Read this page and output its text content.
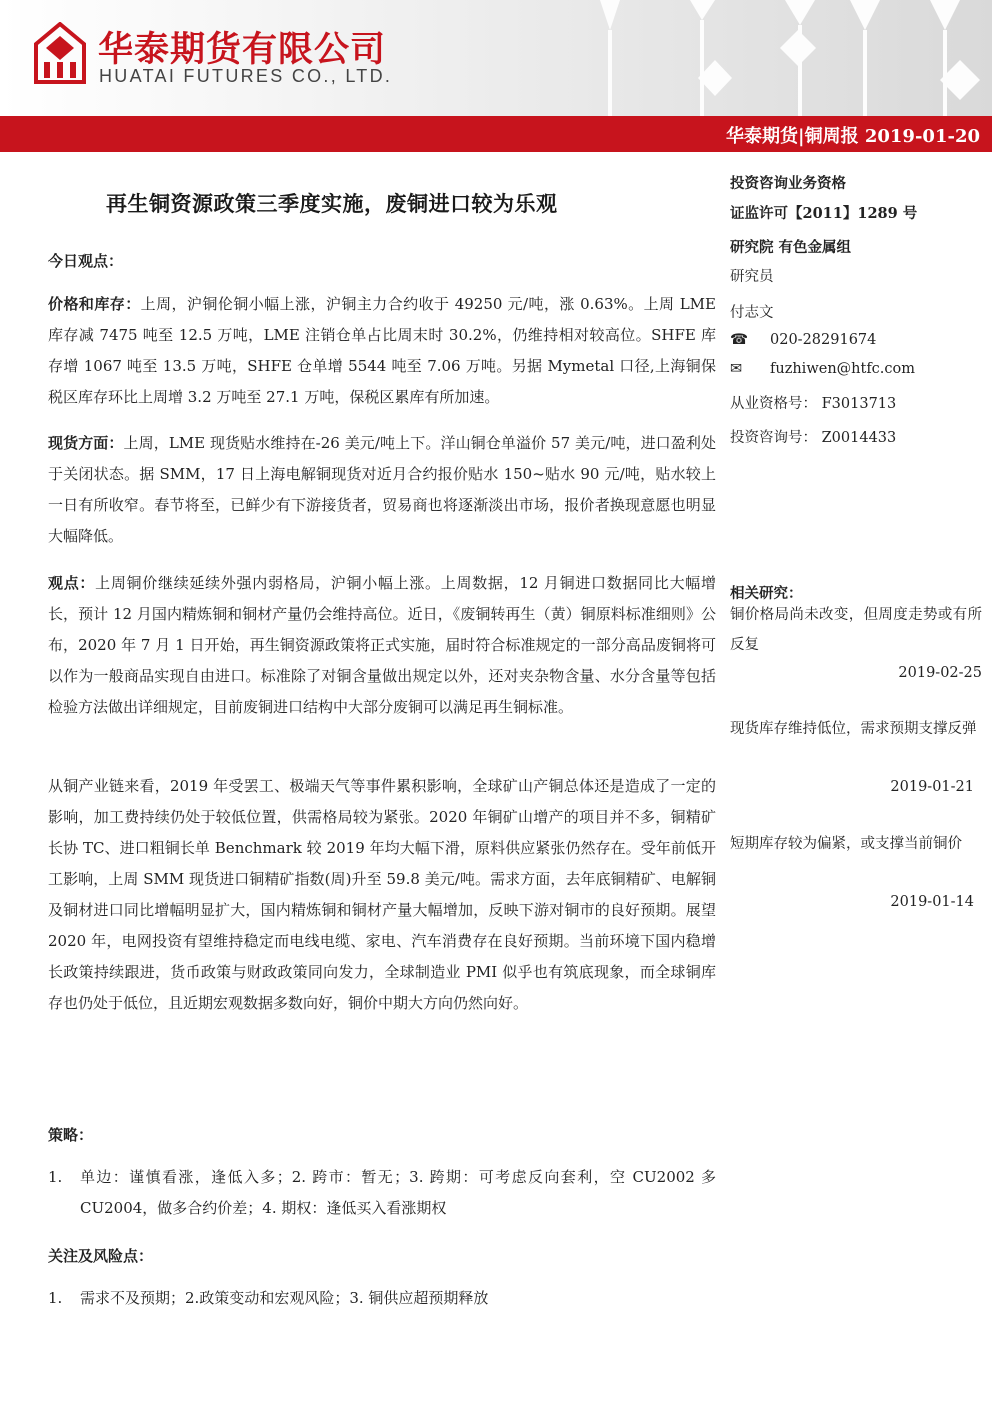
华泰期货有限公司
HUATAI FUTURES CO., LTD.
华泰期货|铜周报 2019-01-20
再生铜资源政策三季度实施，废铜进口较为乐观
今日观点：

价格和库存：上周，沪铜伦铜小幅上涨，沪铜主力合约收于 49250 元/吨，涨 0.63%。上周 LME 库存减 7475 吨至 12.5 万吨，LME 注销仓单占比周末时 30.2%，仍维持相对较高位。SHFE 库存增 1067 吨至 13.5 万吨，SHFE 仓单增 5544 吨至 7.06 万吨。另据 Mymetal 口径,上海铜保税区库存环比上周增 3.2 万吨至 27.1 万吨，保税区累库有所加速。

现货方面：上周，LME 现货贴水维持在-26 美元/吨上下。洋山铜仓单溢价 57 美元/吨，进口盈利处于关闭状态。据 SMM，17 日上海电解铜现货对近月合约报价贴水 150~贴水 90 元/吨，贴水较上一日有所收窄。春节将至，已鲜少有下游接货者，贸易商也将逐渐淡出市场，报价者换现意愿也明显大幅降低。

观点：上周铜价继续延续外强内弱格局，沪铜小幅上涨。上周数据，12 月铜进口数据同比大幅增长，预计 12 月国内精炼铜和铜材产量仍会维持高位。近日，《废铜转再生（黄）铜原料标准细则》公布，2020 年 7 月 1 日开始，再生铜资源政策将正式实施，届时符合标准规定的一部分高品废铜将可以作为一般商品实现自由进口。标准除了对铜含量做出规定以外，还对夹杂物含量、水分含量等包括检验方法做出详细规定，目前废铜进口结构中大部分废铜可以满足再生铜标准。

从铜产业链来看，2019 年受罢工、极端天气等事件累积影响，全球矿山产铜总体还是造成了一定的影响，加工费持续仍处于较低位置，供需格局较为紧张。2020 年铜矿山增产的项目并不多，铜精矿长协 TC、进口粗铜长单 Benchmark 较 2019 年均大幅下滑，原料供应紧张仍然存在。受年前低开工影响，上周 SMM 现货进口铜精矿指数(周)升至 59.8 美元/吨。需求方面，去年底铜精矿、电解铜及铜材进口同比增幅明显扩大，国内精炼铜和铜材产量大幅增加，反映下游对铜市的良好预期。展望 2020 年，电网投资有望维持稳定而电线电缆、家电、汽车消费存在良好预期。当前环境下国内稳增长政策持续跟进，货币政策与财政政策同向发力，全球制造业 PMI 似乎也有筑底现象，而全球铜库存也仍处于低位，且近期宏观数据多数向好，铜价中期大方向仍然向好。

策略：
1.	单边：谨慎看涨，逢低入多；2. 跨市：暂无；3. 跨期：可考虑反向套利，空 CU2002 多 CU2004，做多合约价差；4. 期权：逢低买入看涨期权
关注及风险点：
1.	需求不及预期；2.政策变动和宏观风险；3. 铜供应超预期释放
投资咨询业务资格
证监许可【2011】1289 号
研究院 有色金属组
研究员
付志文
☎ 020-28291674
✉ fuzhiwen@htfc.com
从业资格号： F3013713
投资咨询号： Z0014433
相关研究：

铜价格局尚未改变，但周度走势或有所反复

2019-02-25

现货库存维持低位，需求预期支撑反弹

2019-01-21

短期库存较为偏紧，或支撑当前铜价

2019-01-14
